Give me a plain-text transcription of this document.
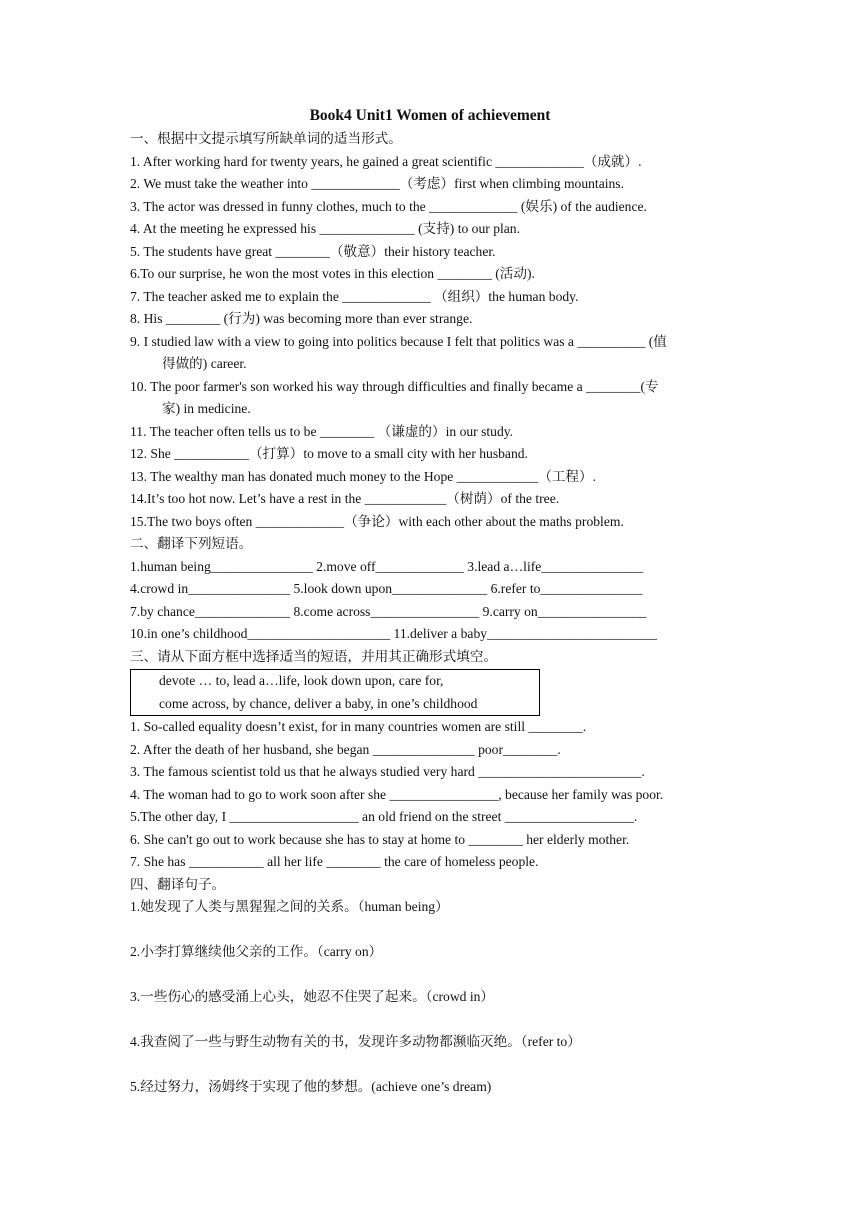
Book4 Unit1 Women of achievement
一、根据中文提示填写所缺单词的适当形式。
1. After working hard for twenty years, he gained a great scientific _____________（成就）.
2. We must take the weather into _____________（考虑）first when climbing mountains.
3. The actor was dressed in funny clothes, much to the _____________ (娱乐) of the audience.
4. At the meeting he expressed his ______________ (支持) to our plan.
5. The students have great ________（敬意）their history teacher.
6.To our surprise, he won the most votes in this election ________ (活动).
7. The teacher asked me to explain the _____________ （组织）the human body.
8. His ________ (行为) was becoming more than ever strange.
9. I studied law with a view to going into politics because I felt that politics was a __________ (值
得做的) career.
10. The poor farmer's son worked his way through difficulties and finally became a ________(专
家) in medicine.
11. The teacher often tells us to be ________ （谦虚的）in our study.
12. She ___________（打算）to move to a small city with her husband.
13. The wealthy man has donated much money to the Hope ____________（工程）.
14.It’s too hot now. Let’s have a rest in the ____________（树荫）of the tree.
15.The two boys often _____________（争论）with each other about the maths problem.
二、翻译下列短语。
1.human being_______________ 2.move off_____________ 3.lead a…life_______________
4.crowd in_______________ 5.look down upon______________ 6.refer to_______________
7.by chance______________ 8.come across________________ 9.carry on________________
10.in one’s childhood_____________________ 11.deliver a baby_________________________
三、请从下面方框中选择适当的短语，并用其正确形式填空。
devote … to, lead a…life, look down upon, care for,
come across, by chance, deliver a baby, in one’s childhood
1. So-called equality doesn’t exist, for in many countries women are still ________.
2. After the death of her husband, she began _______________ poor________.
3. The famous scientist told us that he always studied very hard ________________________.
4. The woman had to go to work soon after she ________________, because her family was poor.
5.The other day, I ___________________ an old friend on the street ___________________.
6. She can't go out to work because she has to stay at home to ________ her elderly mother.
7. She has ___________ all her life ________ the care of homeless people.
四、翻译句子。
1.她发现了人类与黑猩猩之间的关系。（human being）
2.小李打算继续他父亲的工作。（carry on）
3.一些伤心的感受涌上心头，她忍不住哭了起来。（crowd in）
4.我查阅了一些与野生动物有关的书，发现许多动物都濒临灭绝。（refer to）
5.经过努力，汤姆终于实现了他的梦想。(achieve one’s dream)
